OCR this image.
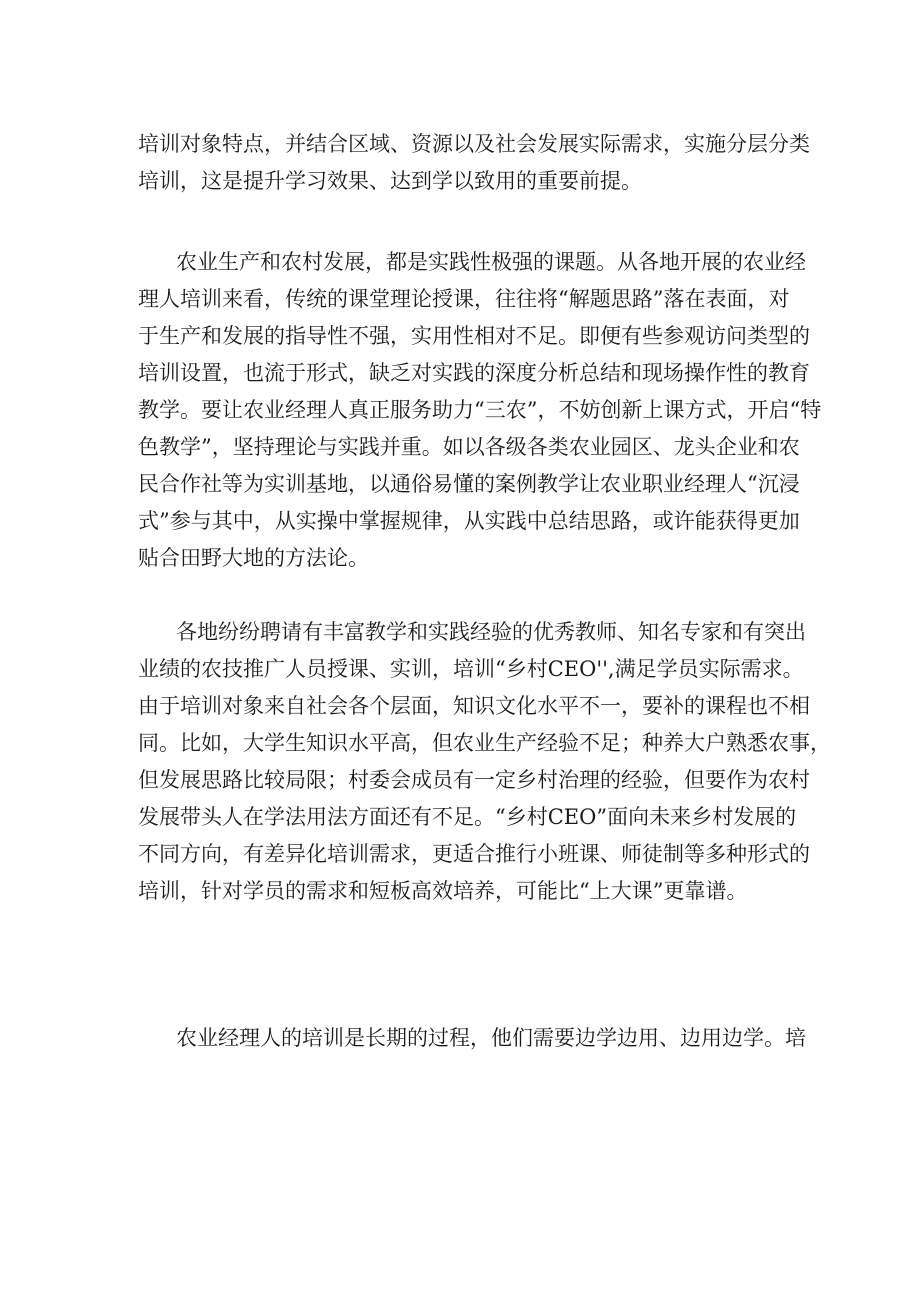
培训对象特点，并结合区域、资源以及社会发展实际需求，实施分层分类
培训，这是提升学习效果、达到学以致用的重要前提。
农业生产和农村发展，都是实践性极强的课题。从各地开展的农业经
理人培训来看，传统的课堂理论授课，往往将“解题思路”落在表面，对
于生产和发展的指导性不强，实用性相对不足。即便有些参观访问类型的
培训设置，也流于形式，缺乏对实践的深度分析总结和现场操作性的教育
教学。要让农业经理人真正服务助力“三农”，不妨创新上课方式，开启“特
色教学”，坚持理论与实践并重。如以各级各类农业园区、龙头企业和农
民合作社等为实训基地，以通俗易懂的案例教学让农业职业经理人“沉浸
式”参与其中，从实操中掌握规律，从实践中总结思路，或许能获得更加
贴合田野大地的方法论。
各地纷纷聘请有丰富教学和实践经验的优秀教师、知名专家和有突出
业绩的农技推广人员授课、实训，培训“乡村CEO'',满足学员实际需求。
由于培训对象来自社会各个层面，知识文化水平不一，要补的课程也不相
同。比如，大学生知识水平高，但农业生产经验不足；种养大户熟悉农事，
但发展思路比较局限；村委会成员有一定乡村治理的经验，但要作为农村
发展带头人在学法用法方面还有不足。“乡村CEO”面向未来乡村发展的
不同方向，有差异化培训需求，更适合推行小班课、师徒制等多种形式的
培训，针对学员的需求和短板高效培养，可能比“上大课”更靠谱。
农业经理人的培训是长期的过程，他们需要边学边用、边用边学。培
